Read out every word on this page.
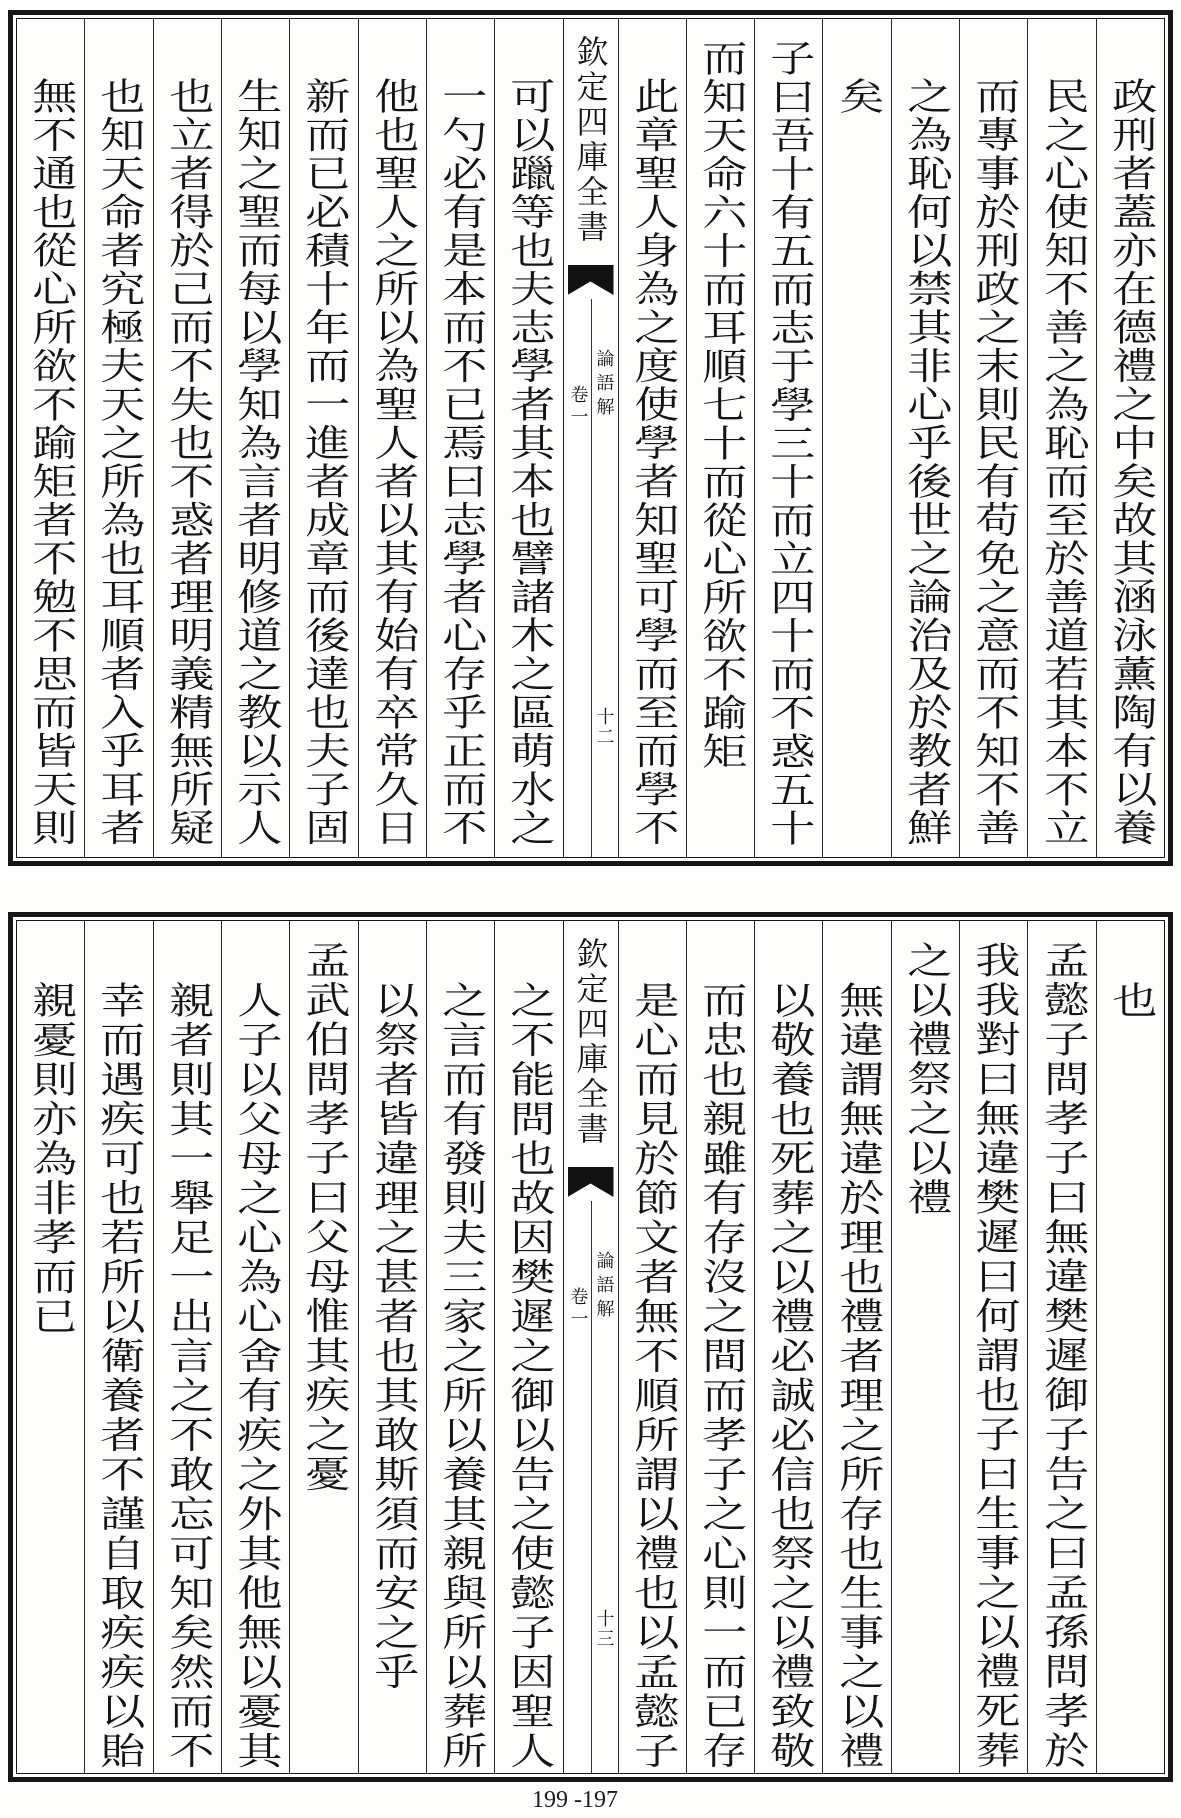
政刑者蓋亦在德禮之中矣故其涵泳薰陶有以養
民之心使知不善之為恥而至於善道若其本不立
而專事於刑政之末則民有苟免之意而不知不善
之為恥何以禁其非心乎後世之論治及於教者鮮
矣
子曰吾十有五而志于學三十而立四十而不惑五十
而知天命六十而耳順七十而從心所欲不踰矩
此章聖人身為之度使學者知聖可學而至而學不
欽定四庫全書
論語解
卷一
十二
可以躐等也夫志學者其本也譬諸木之區萌水之
一勺必有是本而不已焉曰志學者心存乎正而不
他也聖人之所以為聖人者以其有始有卒常久日
新而已必積十年而一進者成章而後達也夫子固
生知之聖而每以學知為言者明修道之教以示人
也立者得於己而不失也不惑者理明義精無所疑
也知天命者究極夫天之所為也耳順者入乎耳者
無不通也從心所欲不踰矩者不勉不思而皆天則
也
孟懿子問孝子曰無違樊遲御子告之曰孟孫問孝於
我我對曰無違樊遲曰何謂也子曰生事之以禮死葬
之以禮祭之以禮
無違謂無違於理也禮者理之所存也生事之以禮
以敬養也死葬之以禮必誠必信也祭之以禮致敬
而忠也親雖有存沒之間而孝子之心則一而已存
是心而見於節文者無不順所謂以禮也以孟懿子
欽定四庫全書
論語解
卷一
十三
之不能問也故因樊遲之御以告之使懿子因聖人
之言而有發則夫三家之所以養其親與所以葬所
以祭者皆違理之甚者也其敢斯須而安之乎
孟武伯問孝子曰父母惟其疾之憂
人子以父母之心為心舍有疾之外其他無以憂其
親者則其一舉足一出言之不敢忘可知矣然而不
幸而遇疾可也若所以衛養者不謹自取疾疾以貽
親憂則亦為非孝而已
199 -197
